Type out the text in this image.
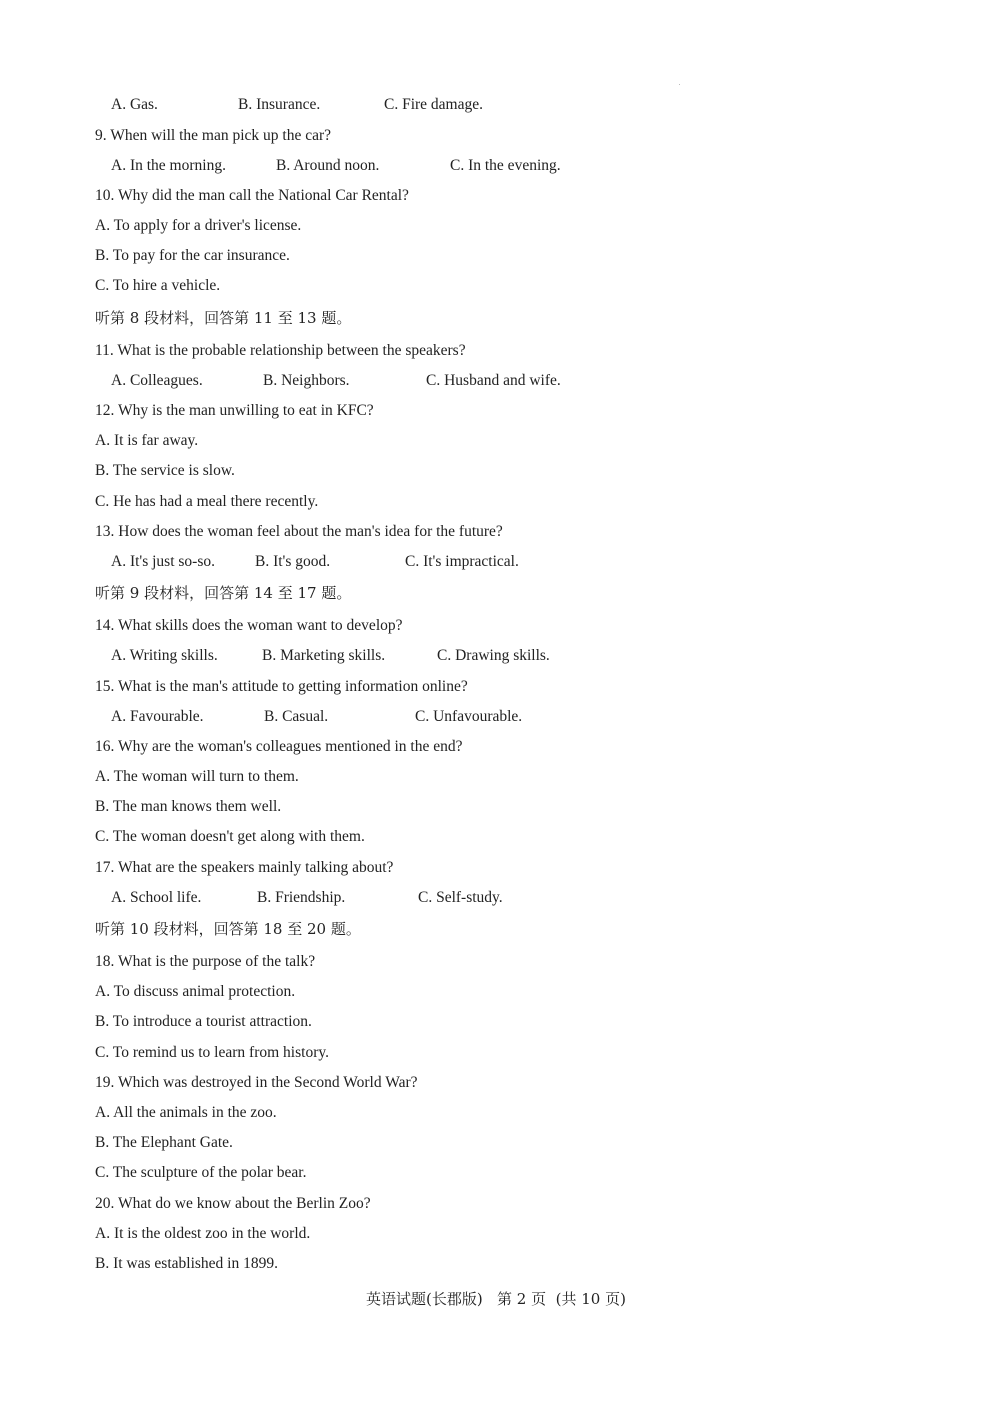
A. Gas.	B. Insurance.	C. Fire damage.
9. When will the man pick up the car?
A. In the morning.	B. Around noon.	C. In the evening.
10. Why did the man call the National Car Rental?
A. To apply for a driver's license.
B. To pay for the car insurance.
C. To hire a vehicle.
听第 8 段材料，回答第 11 至 13 题。
11. What is the probable relationship between the speakers?
A. Colleagues.	B. Neighbors.	C. Husband and wife.
12. Why is the man unwilling to eat in KFC?
A. It is far away.
B. The service is slow.
C. He has had a meal there recently.
13. How does the woman feel about the man's idea for the future?
A. It's just so-so.	B. It's good.	C. It's impractical.
听第 9 段材料，回答第 14 至 17 题。
14. What skills does the woman want to develop?
A. Writing skills.	B. Marketing skills.	C. Drawing skills.
15. What is the man's attitude to getting information online?
A. Favourable.	B. Casual.	C. Unfavourable.
16. Why are the woman's colleagues mentioned in the end?
A. The woman will turn to them.
B. The man knows them well.
C. The woman doesn't get along with them.
17. What are the speakers mainly talking about?
A. School life.	B. Friendship.	C. Self-study.
听第 10 段材料，回答第 18 至 20 题。
18. What is the purpose of the talk?
A. To discuss animal protection.
B. To introduce a tourist attraction.
C. To remind us to learn from history.
19. Which was destroyed in the Second World War?
A. All the animals in the zoo.
B. The Elephant Gate.
C. The sculpture of the polar bear.
20. What do we know about the Berlin Zoo?
A. It is the oldest zoo in the world.
B. It was established in 1899.
英语试题(长郡版)   第 2 页  (共 10 页)
